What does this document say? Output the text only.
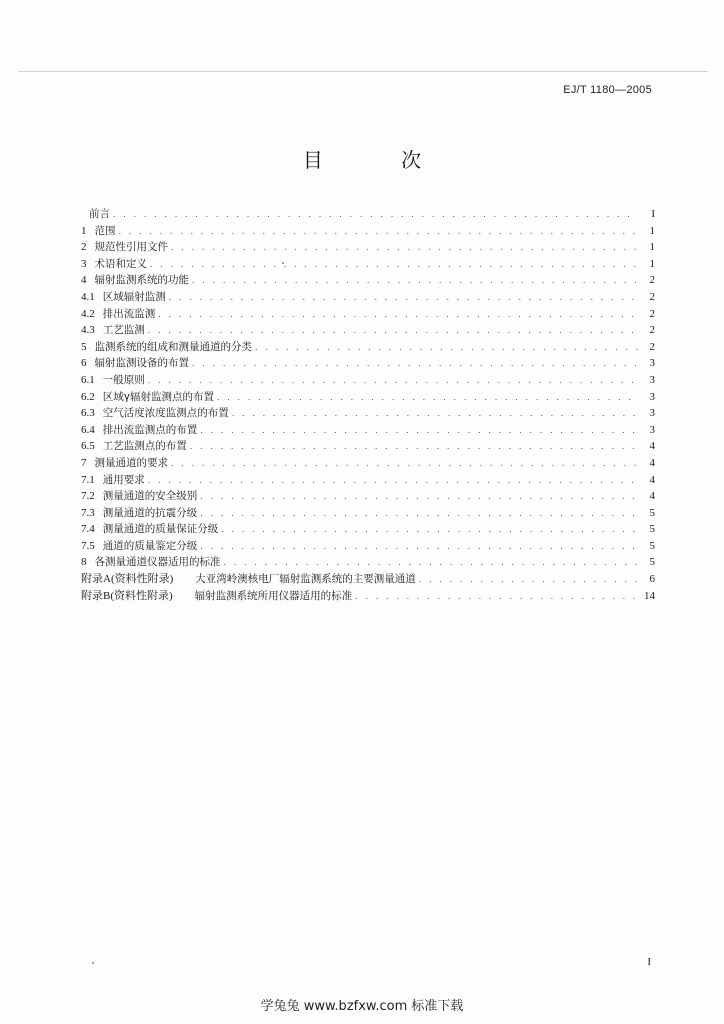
EJ/T 1180—2005
目 次
前言 . . .	I
1 范围 . . .	1
2 规范性引用文件 . . .	1
3 术语和定义 . . .	1
4 辐射监测系统的功能 . . .	2
4.1 区域辐射监测 . . .	2
4.2 排出流监测 . . .	2
4.3 工艺监测 . . .	2
5 监测系统的组成和测量通道的分类 . . .	2
6 辐射监测设备的布置 . . .	3
6.1 一般原则 . . .	3
6.2 区域γ辐射监测点的布置 . . .	3
6.3 空气活度浓度监测点的布置 . . .	3
6.4 排出流监测点的布置 . . .	3
6.5 工艺监测点的布置 . . .	4
7 测量通道的要求 . . .	4
7.1 通用要求 . . .	4
7.2 测量通道的安全级别 . . .	4
7.3 测量通道的抗震分级 . . .	5
7.4 测量通道的质量保证分级 . . .	5
7.5 通道的质量鉴定分级 . . .	5
8 各测量通道仪器适用的标准 . . .	5
附录A(资料性附录) 大亚湾岭澳核电厂辐射监测系统的主要测量通道 . . .	6
附录B(资料性附录) 辐射监测系统所用仪器适用的标准 . . .	14
I
学兔兔 www.bzfxw.com 标准下载
